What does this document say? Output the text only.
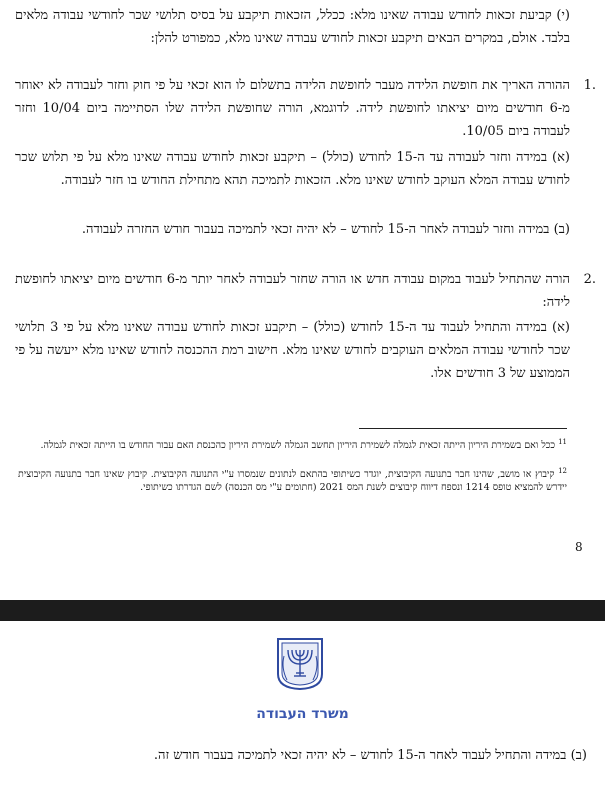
(י) קביעת זכאות לחודש עבודה שאינו מלא: ככלל, הזכאות תיקבע על בסיס תלושי שכר לחודשי עבודה מלאים בלבד. אולם, במקרים הבאים תיקבע זכאות לחודש עבודה שאינו מלא, כמפורט להלן:

.1
ההורה האריך את חופשת הלידה מעבר לחופשת הלידה בתשלום לו הוא זכאי על פי חוק וחזר לעבודה לא יאוחר מ-6 חודשים מיום יציאתו לחופשת לידה. לדוגמא, הורה שחופשת הלידה שלו הסתיימה ביום 10/04 וחזר לעבודה ביום 10/05.

(א) במידה וחזר לעבודה עד ה-15 לחודש (כולל) – תיקבע זכאות לחודש עבודה שאינו מלא על פי תלוש שכר לחודש עבודה המלא העוקב לחודש שאינו מלא. הזכאות לתמיכה תהא מתחילת החודש בו חזר לעבודה.

(ב) במידה וחזר לעבודה לאחר ה-15 לחודש – לא יהיה זכאי לתמיכה בעבור חודש החזרה לעבודה.

.2
הורה שהתחיל לעבוד במקום עבודה חדש או הורה שחזר לעבודה לאחר יותר מ-6 חודשים מיום יציאתו לחופשת לידה:

(א) במידה והתחיל לעבוד עד ה-15 לחודש (כולל) – תיקבע זכאות לחודש עבודה שאינו מלא על פי 3 תלושי שכר לחודשי עבודה המלאים העוקבים לחודש שאינו מלא. חישוב רמת ההכנסה לחודש שאינו מלא ייעשה על פי הממוצע של 3 חודשים אלו.

$^{11}$ ככל ואם בשמירת היריון הייתה זכאית לגמלה לשמירת היריון תחשב הגמלה לשמירת היריון כהכנסת האם עבור החודש בו הייתה זכאית לגמלה.

$^{12}$ קיבוץ או מושב, שהינו חבר בתנועה הקיבוצית, יוגדר כשיתופי בהתאם לנתונים שנמסרו ע"י התנועה הקיבוצית. קיבוץ שאינו חבר בתנועה הקיבוצית יידרש להמציא טופס 1214 ונספח דיווח קיבוצים לשנת המס 2021 (חתומים ע"י מס הכנסה) לשם הגדרתו כשיתופי.

8
משרד העבודה

(ב) במידה והתחיל לעבוד לאחר ה-15 לחודש – לא יהיה זכאי לתמיכה בעבור חודש זה.
